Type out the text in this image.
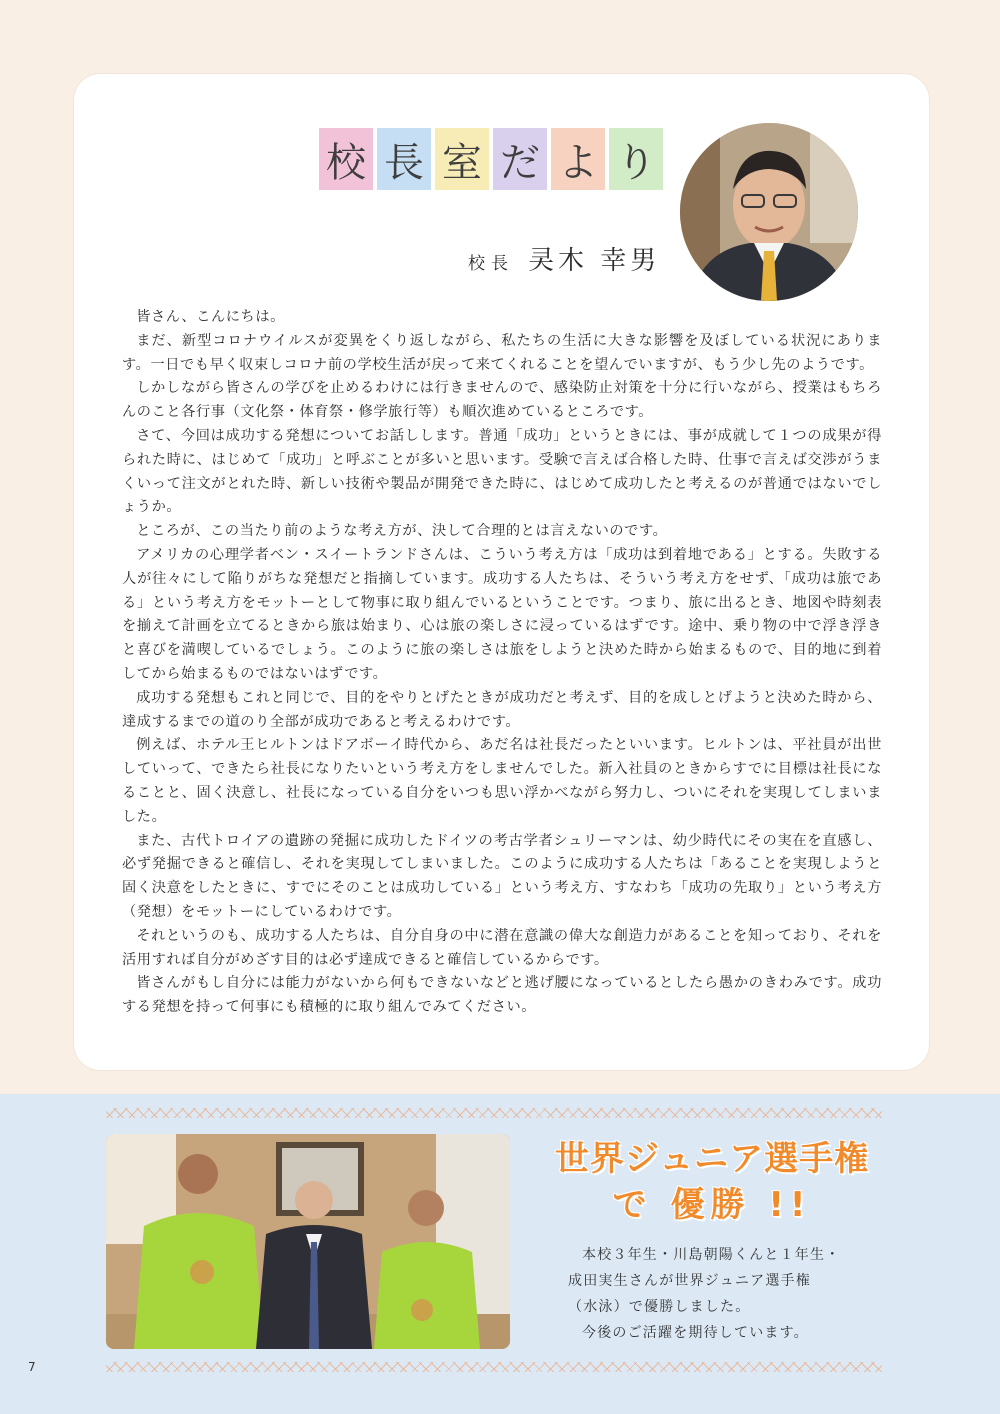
校 長 室 だ よ り
校長 㚑木 幸男

皆さん、こんにちは。

まだ、新型コロナウイルスが変異をくり返しながら、私たちの生活に大きな影響を及ぼしている状況にあります。一日でも早く収束しコロナ前の学校生活が戻って来てくれることを望んでいますが、もう少し先のようです。

しかしながら皆さんの学びを止めるわけには行きませんので、感染防止対策を十分に行いながら、授業はもちろんのこと各行事（文化祭・体育祭・修学旅行等）も順次進めているところです。

さて、今回は成功する発想についてお話しします。普通「成功」というときには、事が成就して１つの成果が得られた時に、はじめて「成功」と呼ぶことが多いと思います。受験で言えば合格した時、仕事で言えば交渉がうまくいって注文がとれた時、新しい技術や製品が開発できた時に、はじめて成功したと考えるのが普通ではないでしょうか。

ところが、この当たり前のような考え方が、決して合理的とは言えないのです。

アメリカの心理学者ベン・スイートランドさんは、こういう考え方は「成功は到着地である」とする。失敗する人が往々にして陥りがちな発想だと指摘しています。成功する人たちは、そういう考え方をせず、「成功は旅である」という考え方をモットーとして物事に取り組んでいるということです。つまり、旅に出るとき、地図や時刻表を揃えて計画を立てるときから旅は始まり、心は旅の楽しさに浸っているはずです。途中、乗り物の中で浮き浮きと喜びを満喫しているでしょう。このように旅の楽しさは旅をしようと決めた時から始まるもので、目的地に到着してから始まるものではないはずです。

成功する発想もこれと同じで、目的をやりとげたときが成功だと考えず、目的を成しとげようと決めた時から、達成するまでの道のり全部が成功であると考えるわけです。

例えば、ホテル王ヒルトンはドアボーイ時代から、あだ名は社長だったといいます。ヒルトンは、平社員が出世していって、できたら社長になりたいという考え方をしませんでした。新入社員のときからすでに目標は社長になることと、固く決意し、社長になっている自分をいつも思い浮かべながら努力し、ついにそれを実現してしまいました。

また、古代トロイアの遺跡の発掘に成功したドイツの考古学者シュリーマンは、幼少時代にその実在を直感し、必ず発掘できると確信し、それを実現してしまいました。このように成功する人たちは「あることを実現しようと固く決意をしたときに、すでにそのことは成功している」という考え方、すなわち「成功の先取り」という考え方（発想）をモットーにしているわけです。

それというのも、成功する人たちは、自分自身の中に潜在意識の偉大な創造力があることを知っており、それを活用すれば自分がめざす目的は必ず達成できると確信しているからです。

皆さんがもし自分には能力がないから何もできないなどと逃げ腰になっているとしたら愚かのきわみです。成功する発想を持って何事にも積極的に取り組んでみてください。

世界ジュニア選手権
で 優勝 !!

本校３年生・川島朝陽くんと１年生・

成田実生さんが世界ジュニア選手権

（水泳）で優勝しました。

今後のご活躍を期待しています。

7
